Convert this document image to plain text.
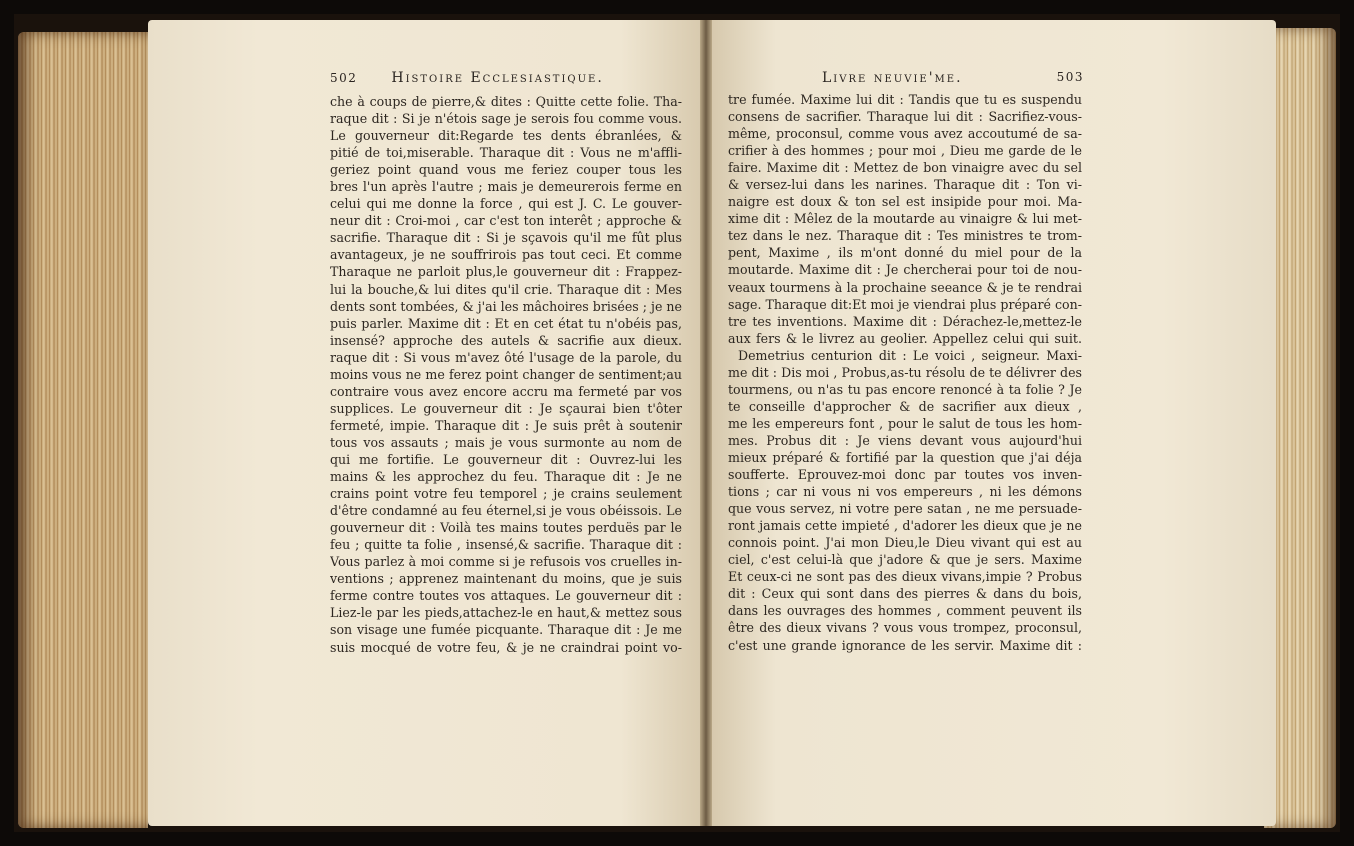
502 Histoire Ecclesiastique.	Livre neuvie'me.	503
che à coups de pierre,& dites : Quitte cette folie. Tha-
raque dit : Si je n'étois sage je serois fou comme vous.
Le gouverneur dit:Regarde tes dents ébranlées, &
pitié de toi,miserable. Tharaque dit : Vous ne m'affli-
geriez point quand vous me feriez couper tous les
bres l'un après l'autre ; mais je demeurerois ferme en
celui qui me donne la force , qui est J. C. Le gouver-
neur dit : Croi-moi , car c'est ton interêt ; approche &
sacrifie. Tharaque dit : Si je sçavois qu'il me fût plus
avantageux, je ne souffrirois pas tout ceci. Et comme
Tharaque ne parloit plus,le gouverneur dit : Frappez-
lui la bouche,& lui dites qu'il crie. Tharaque dit : Mes
dents sont tombées, & j'ai les mâchoires brisées ; je ne
puis parler. Maxime dit : Et en cet état tu n'obéis pas,
insensé? approche des autels & sacrifie aux dieux.
raque dit : Si vous m'avez ôté l'usage de la parole, du
moins vous ne me ferez point changer de sentiment;au
contraire vous avez encore accru ma fermeté par vos
supplices. Le gouverneur dit : Je sçaurai bien t'ôter
fermeté, impie. Tharaque dit : Je suis prêt à soutenir
tous vos assauts ; mais je vous surmonte au nom de
qui me fortifie. Le gouverneur dit : Ouvrez-lui les
mains & les approchez du feu. Tharaque dit : Je ne
crains point votre feu temporel ; je crains seulement
d'être condamné au feu éternel,si je vous obéissois. Le
gouverneur dit : Voilà tes mains toutes perduës par le
feu ; quitte ta folie , insensé,& sacrifie. Tharaque dit :
Vous parlez à moi comme si je refusois vos cruelles in-
ventions ; apprenez maintenant du moins, que je suis
ferme contre toutes vos attaques. Le gouverneur dit :
Liez-le par les pieds,attachez-le en haut,& mettez sous
son visage une fumée picquante. Tharaque dit : Je me
suis mocqué de votre feu, & je ne craindrai point vo-
tre fumée. Maxime lui dit : Tandis que tu es suspendu
consens de sacrifier. Tharaque lui dit : Sacrifiez-vous-
même, proconsul, comme vous avez accoutumé de sa-
crifier à des hommes ; pour moi , Dieu me garde de le
faire. Maxime dit : Mettez de bon vinaigre avec du sel
& versez-lui dans les narines. Tharaque dit : Ton vi-
naigre est doux & ton sel est insipide pour moi. Ma-
xime dit : Mêlez de la moutarde au vinaigre & lui met-
tez dans le nez. Tharaque dit : Tes ministres te trom-
pent, Maxime , ils m'ont donné du miel pour de la
moutarde. Maxime dit : Je chercherai pour toi de nou-
veaux tourmens à la prochaine seeance & je te rendrai
sage. Tharaque dit:Et moi je viendrai plus préparé con-
tre tes inventions. Maxime dit : Dérachez-le,mettez-le
aux fers & le livrez au geolier. Appellez celui qui suit.
Demetrius centurion dit : Le voici , seigneur. Maxi-
me dit : Dis moi , Probus,as-tu résolu de te délivrer des
tourmens, ou n'as tu pas encore renoncé à ta folie ? Je
te conseille d'approcher & de sacrifier aux dieux ,
me les empereurs font , pour le salut de tous les hom-
mes. Probus dit : Je viens devant vous aujourd'hui
mieux préparé & fortifié par la question que j'ai déja
soufferte. Eprouvez-moi donc par toutes vos inven-
tions ; car ni vous ni vos empereurs , ni les démons
que vous servez, ni votre pere satan , ne me persuade-
ront jamais cette impieté , d'adorer les dieux que je ne
connois point. J'ai mon Dieu,le Dieu vivant qui est au
ciel, c'est celui-là que j'adore & que je sers. Maxime
Et ceux-ci ne sont pas des dieux vivans,impie ? Probus
dit : Ceux qui sont dans des pierres & dans du bois,
dans les ouvrages des hommes , comment peuvent ils
être des dieux vivans ? vous vous trompez, proconsul,
c'est une grande ignorance de les servir. Maxime dit :
